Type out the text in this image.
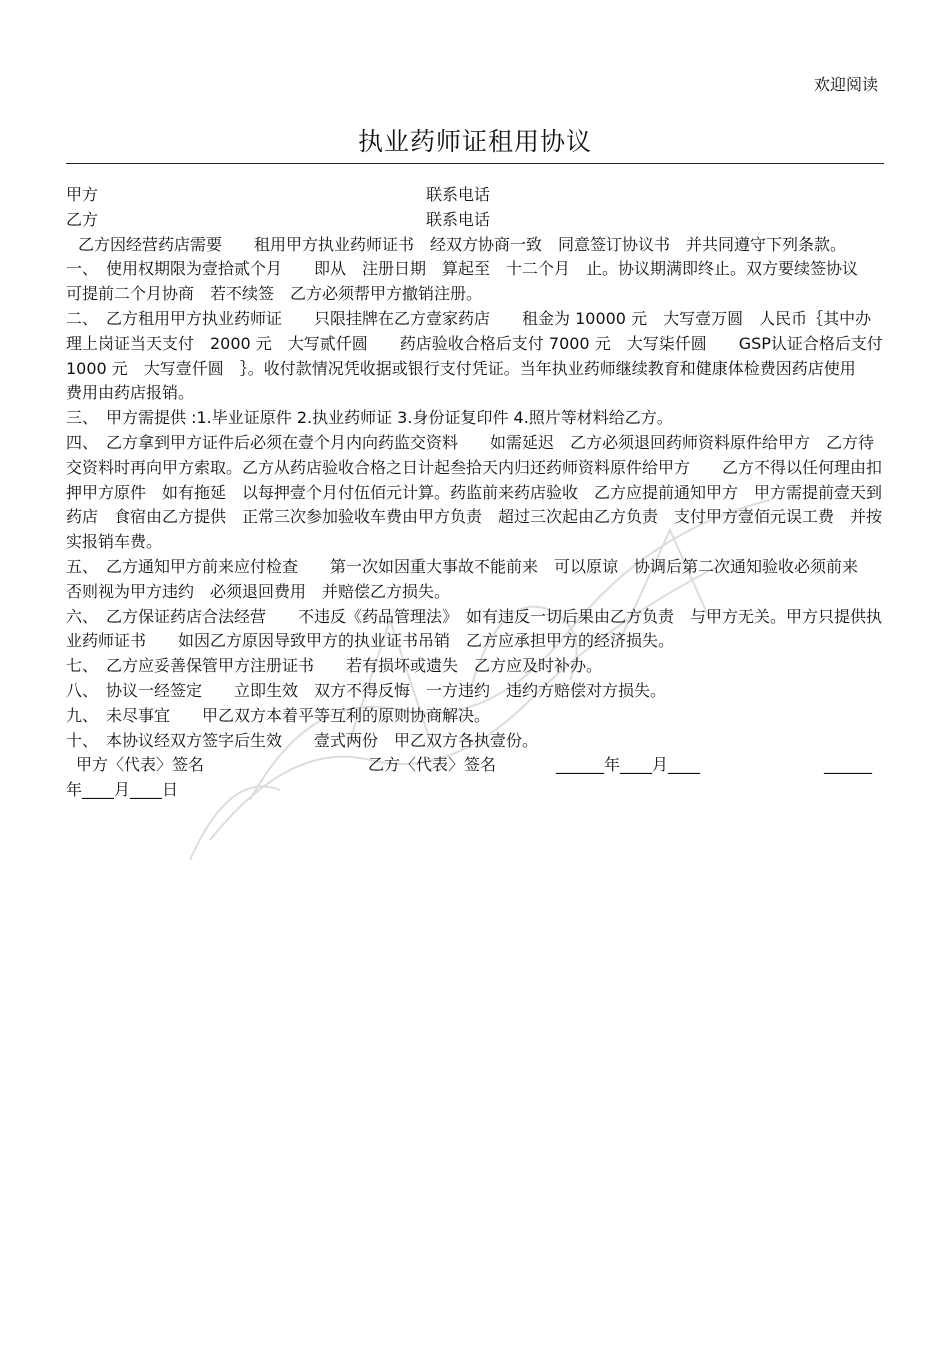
欢迎阅读
执业药师证租用协议
甲方	联系电话
乙方	联系电话

乙方因经营药店需要　　租用甲方执业药师证书　经双方协商一致　同意签订协议书　并共同遵守下列条款。

一、　使用权期限为壹拾贰个月　　即从　注册日期　算起至　十二个月　止。协议期满即终止。双方要续签协议　　可提前二个月协商　若不续签　乙方必须帮甲方撤销注册。

二、　乙方租用甲方执业药师证　　只限挂牌在乙方壹家药店　　租金为 10000 元　大写壹万圆　人民币｛其中办理上岗证当天支付　2000 元　大写贰仟圆　　药店验收合格后支付 7000 元　大写柒仟圆　　GSP认证合格后支付　1000 元　大写壹仟圆　｝。收付款情况凭收据或银行支付凭证。当年执业药师继续教育和健康体检费因药店使用　　费用由药店报销。

三、　甲方需提供 :1.毕业证原件 2.执业药师证 3.身份证复印件 4.照片等材料给乙方。

四、　乙方拿到甲方证件后必须在壹个月内向药监交资料　　如需延迟　乙方必须退回药师资料原件给甲方　乙方待交资料时再向甲方索取。乙方从药店验收合格之日计起叁拾天内归还药师资料原件给甲方　　乙方不得以任何理由扣押甲方原件　如有拖延　以每押壹个月付伍佰元计算。药监前来药店验收　乙方应提前通知甲方　甲方需提前壹天到药店　食宿由乙方提供　正常三次参加验收车费由甲方负责　超过三次起由乙方负责　支付甲方壹佰元误工费　并按实报销车费。

五、　乙方通知甲方前来应付检查　　第一次如因重大事故不能前来　可以原谅　协调后第二次通知验收必须前来　否则视为甲方违约　必须退回费用　并赔偿乙方损失。

六、　乙方保证药店合法经营　　不违反《药品管理法》　如有违反一切后果由乙方负责　与甲方无关。甲方只提供执业药师证书　　如因乙方原因导致甲方的执业证书吊销　乙方应承担甲方的经济损失。

七、　乙方应妥善保管甲方注册证书　　若有损坏或遗失　乙方应及时补办。

八、　协议一经签定　　立即生效　双方不得反悔　一方违约　违约方赔偿对方损失。

九、　未尽事宜　　甲乙双方本着平等互利的原则协商解决。

十、　本协议经双方签字后生效　　壹式两份　甲乙双方各执壹份。

甲方〈代表〉签名	乙方〈代表〉签名	______年____月____	______
年____月____日
